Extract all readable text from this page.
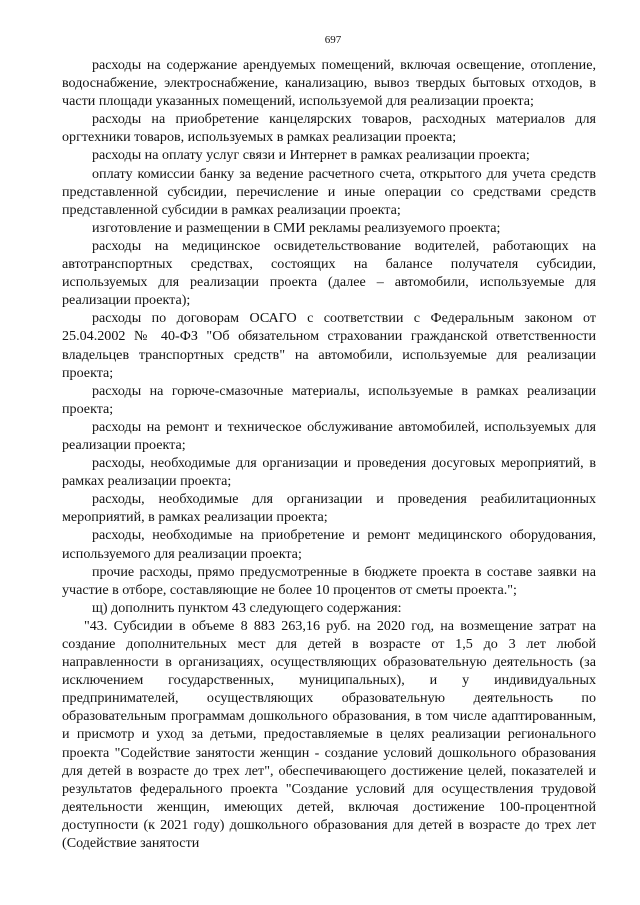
697

расходы на содержание арендуемых помещений, включая освещение, отопление, водоснабжение, электроснабжение, канализацию, вывоз твердых бытовых отходов, в части площади указанных помещений, используемой для реализации проекта;

расходы на приобретение канцелярских товаров, расходных материалов для оргтехники товаров, используемых в рамках реализации проекта;

расходы на оплату услуг связи и Интернет в рамках реализации проекта;

оплату комиссии банку за ведение расчетного счета, открытого для учета средств представленной субсидии, перечисление и иные операции со средствами средств представленной субсидии в рамках реализации проекта;

изготовление и размещении в СМИ рекламы реализуемого проекта;

расходы на медицинское освидетельствование водителей, работающих на автотранспортных средствах, состоящих на балансе получателя субсидии, используемых для реализации проекта (далее – автомобили, используемые для реализации проекта);

расходы по договорам ОСАГО с соответствии с Федеральным законом от 25.04.2002 № 40-ФЗ "Об обязательном страховании гражданской ответственности владельцев транспортных средств" на автомобили, используемые для реализации проекта;

расходы на горюче-смазочные материалы, используемые в рамках реализации проекта;

расходы на ремонт и техническое обслуживание автомобилей, используемых для реализации проекта;

расходы, необходимые для организации и проведения досуговых мероприятий, в рамках реализации проекта;

расходы, необходимые для организации и проведения реабилитационных мероприятий, в рамках реализации проекта;

расходы, необходимые на приобретение и ремонт медицинского оборудования, используемого для реализации проекта;

прочие расходы, прямо предусмотренные в бюджете проекта в составе заявки на участие в отборе, составляющие не более 10 процентов от сметы проекта.";

щ) дополнить пунктом 43 следующего содержания:

"43. Субсидии в объеме 8 883 263,16 руб. на 2020 год, на возмещение затрат на создание дополнительных мест для детей в возрасте от 1,5 до 3 лет любой направленности в организациях, осуществляющих образовательную деятельность (за исключением государственных, муниципальных), и у индивидуальных предпринимателей, осуществляющих образовательную деятельность по образовательным программам дошкольного образования, в том числе адаптированным, и присмотр и уход за детьми, предоставляемые в целях реализации регионального проекта "Содействие занятости женщин - создание условий дошкольного образования для детей в возрасте до трех лет", обеспечивающего достижение целей, показателей и результатов федерального проекта "Создание условий для осуществления трудовой деятельности женщин, имеющих детей, включая достижение 100-процентной доступности (к 2021 году) дошкольного образования для детей в возрасте до трех лет (Содействие занятости
